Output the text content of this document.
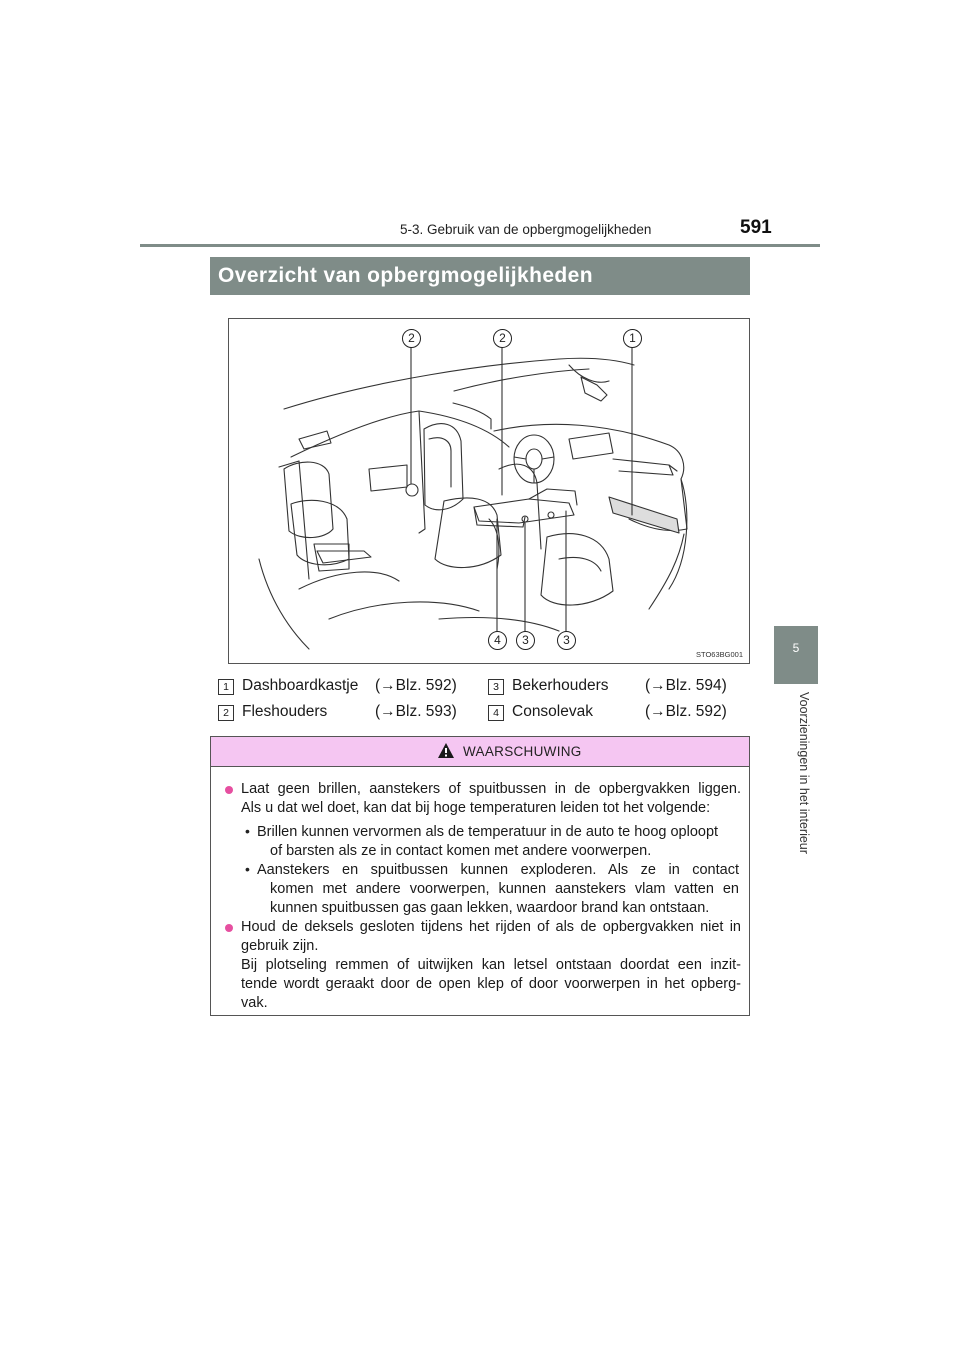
5-3. Gebruik van de opbergmogelijkheden	591
5
Voorzieningen in het interieur
Overzicht van opbergmogelijkheden
2	2	1
4	3	3
STO63BG001
1 Dashboardkastje (→Blz. 592)	3 Bekerhouders (→Blz. 594)
2 Fleshouders	(→Blz. 593)	4 Consolevak	(→Blz. 592)
WAARSCHUWING
Laat geen brillen, aanstekers of spuitbussen in de opbergvakken liggen.
Als u dat wel doet, kan dat bij hoge temperaturen leiden tot het volgende:
• Brillen kunnen vervormen als de temperatuur in de auto te hoog oploopt
of barsten als ze in contact komen met andere voorwerpen.
• Aanstekers en spuitbussen kunnen exploderen. Als ze in contact
komen met andere voorwerpen, kunnen aanstekers vlam vatten en
kunnen spuitbussen gas gaan lekken, waardoor brand kan ontstaan.
Houd de deksels gesloten tijdens het rijden of als de opbergvakken niet in
gebruik zijn.
Bij plotseling remmen of uitwijken kan letsel ontstaan doordat een inzit-
tende wordt geraakt door de open klep of door voorwerpen in het opberg-
vak.
